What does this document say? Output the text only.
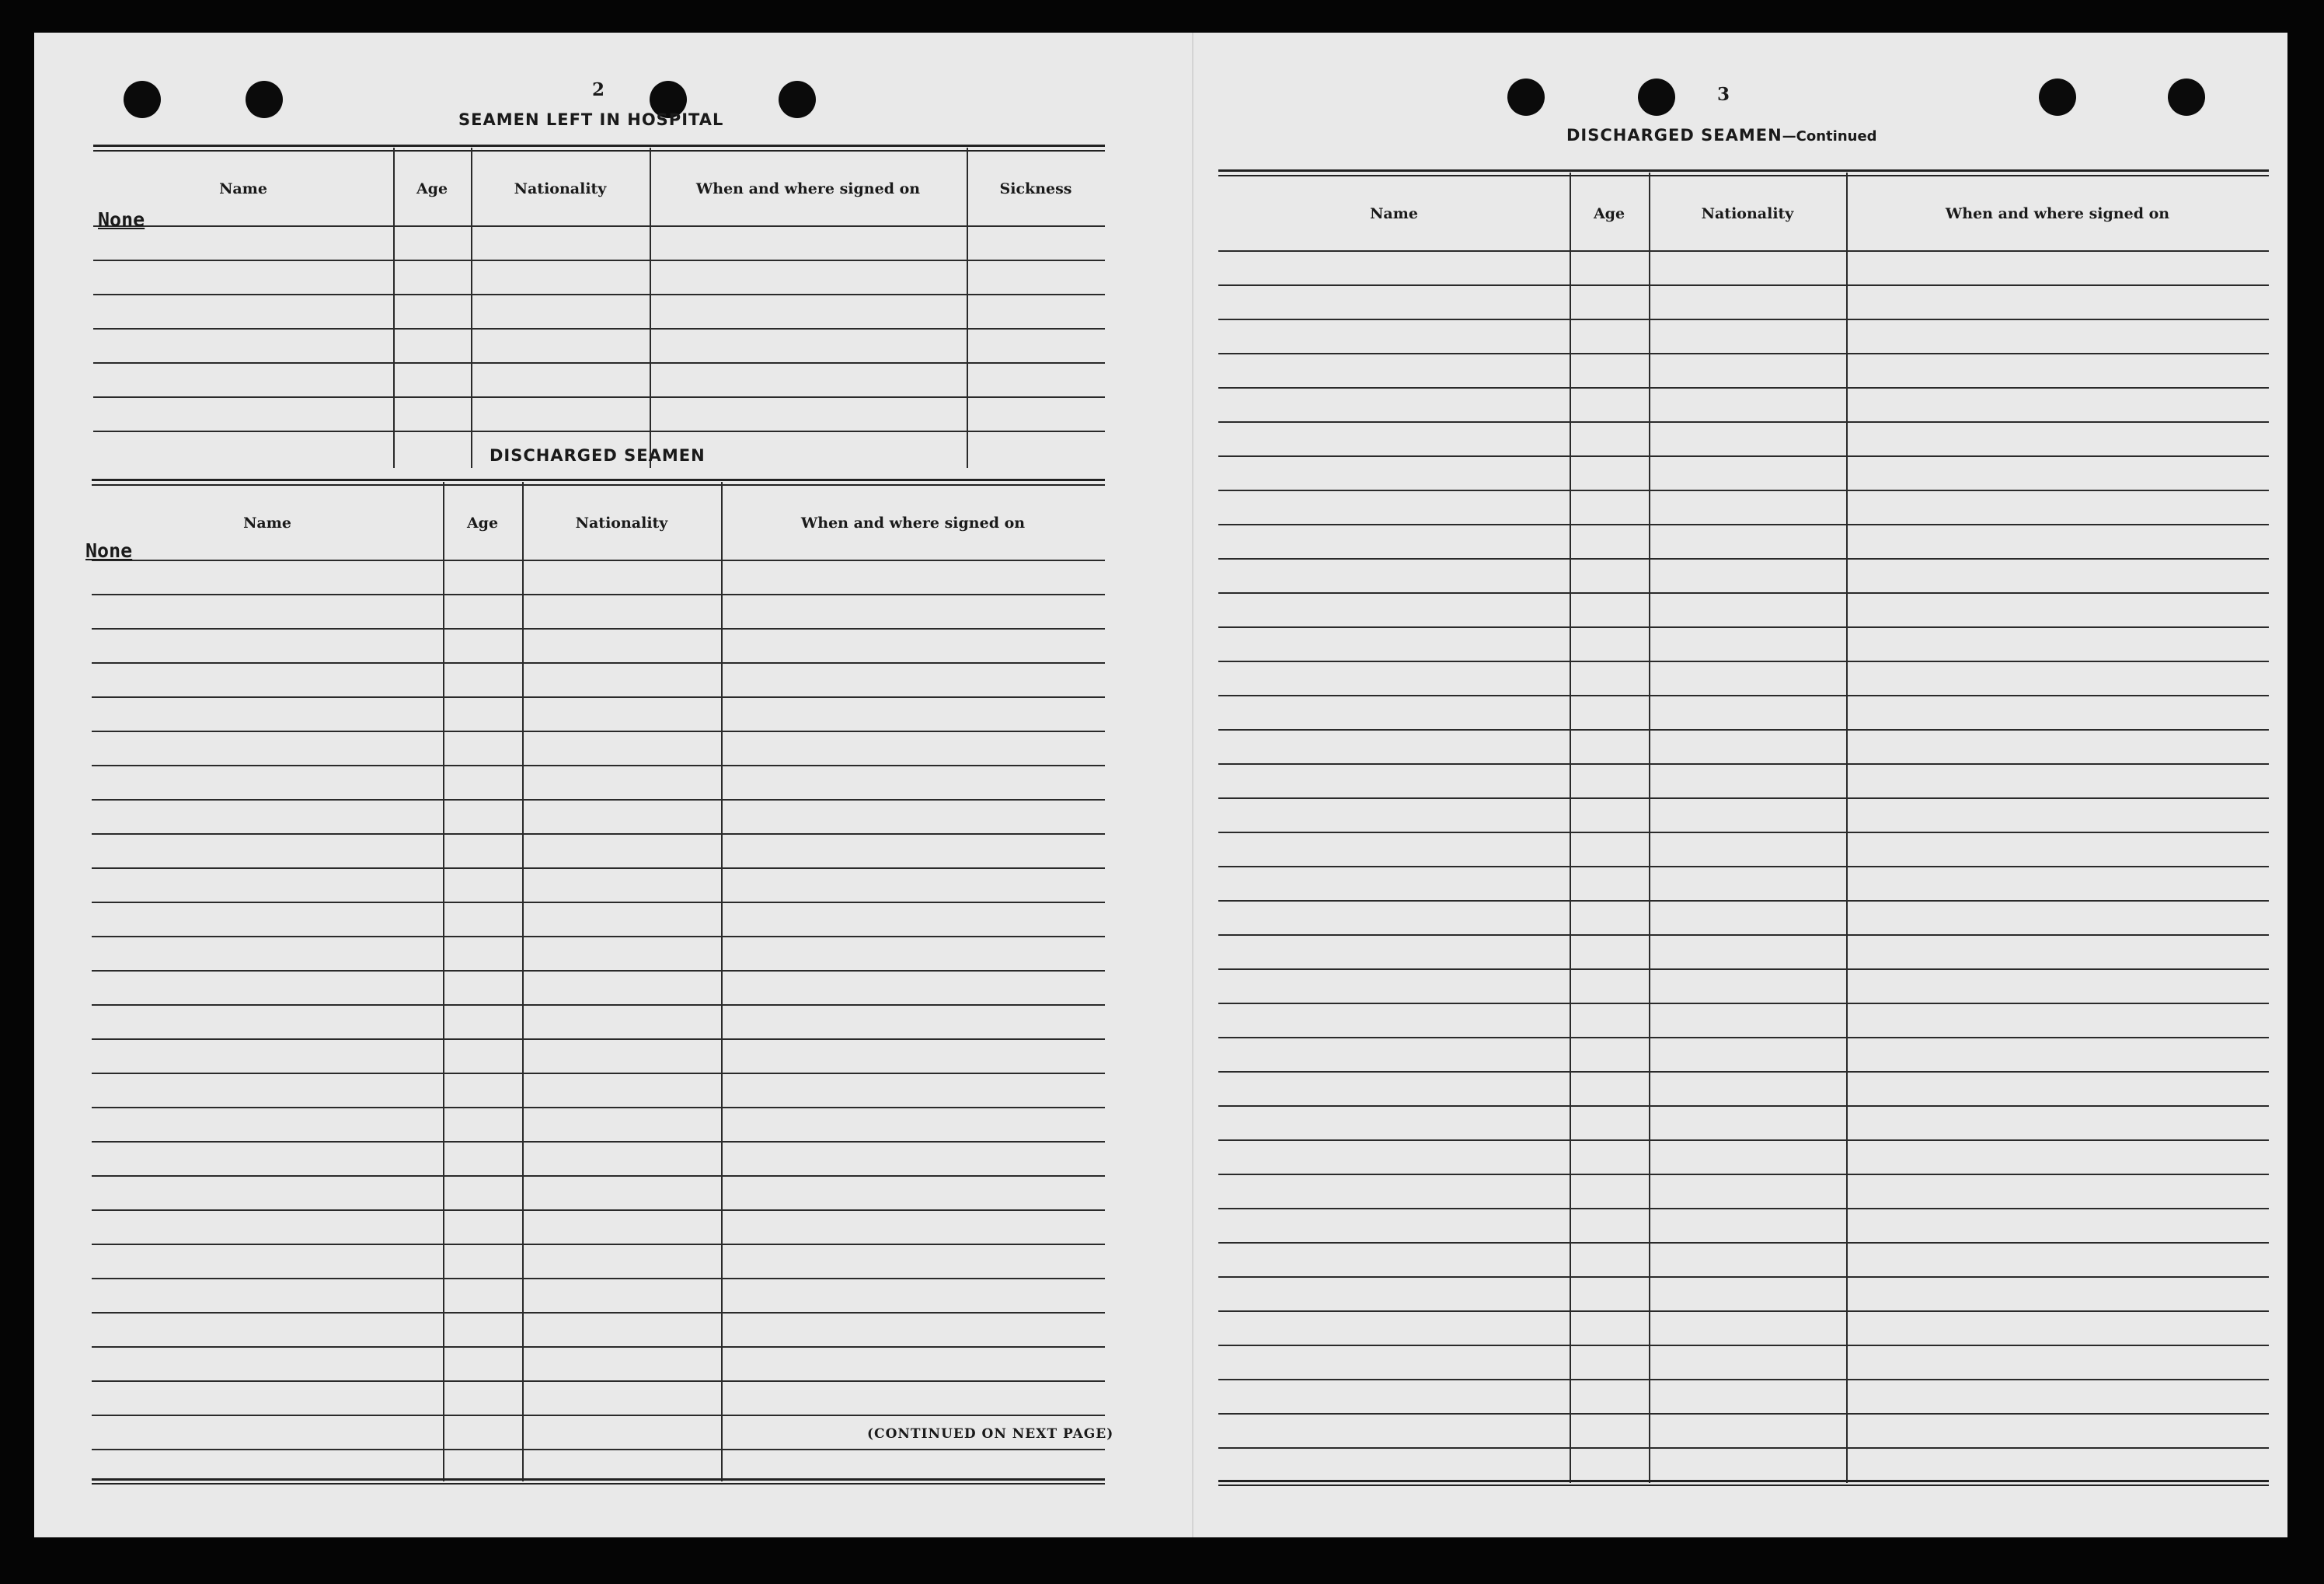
2
SEAMEN LEFT IN HOSPITAL
Name	Age	Nationality	When and where signed on	Sickness
None
DISCHARGED SEAMEN
Name	Age	Nationality	When and where signed on
None
(CONTINUED ON NEXT PAGE)
3
DISCHARGED SEAMEN—Continued
Name	Age	Nationality	When and where signed on
